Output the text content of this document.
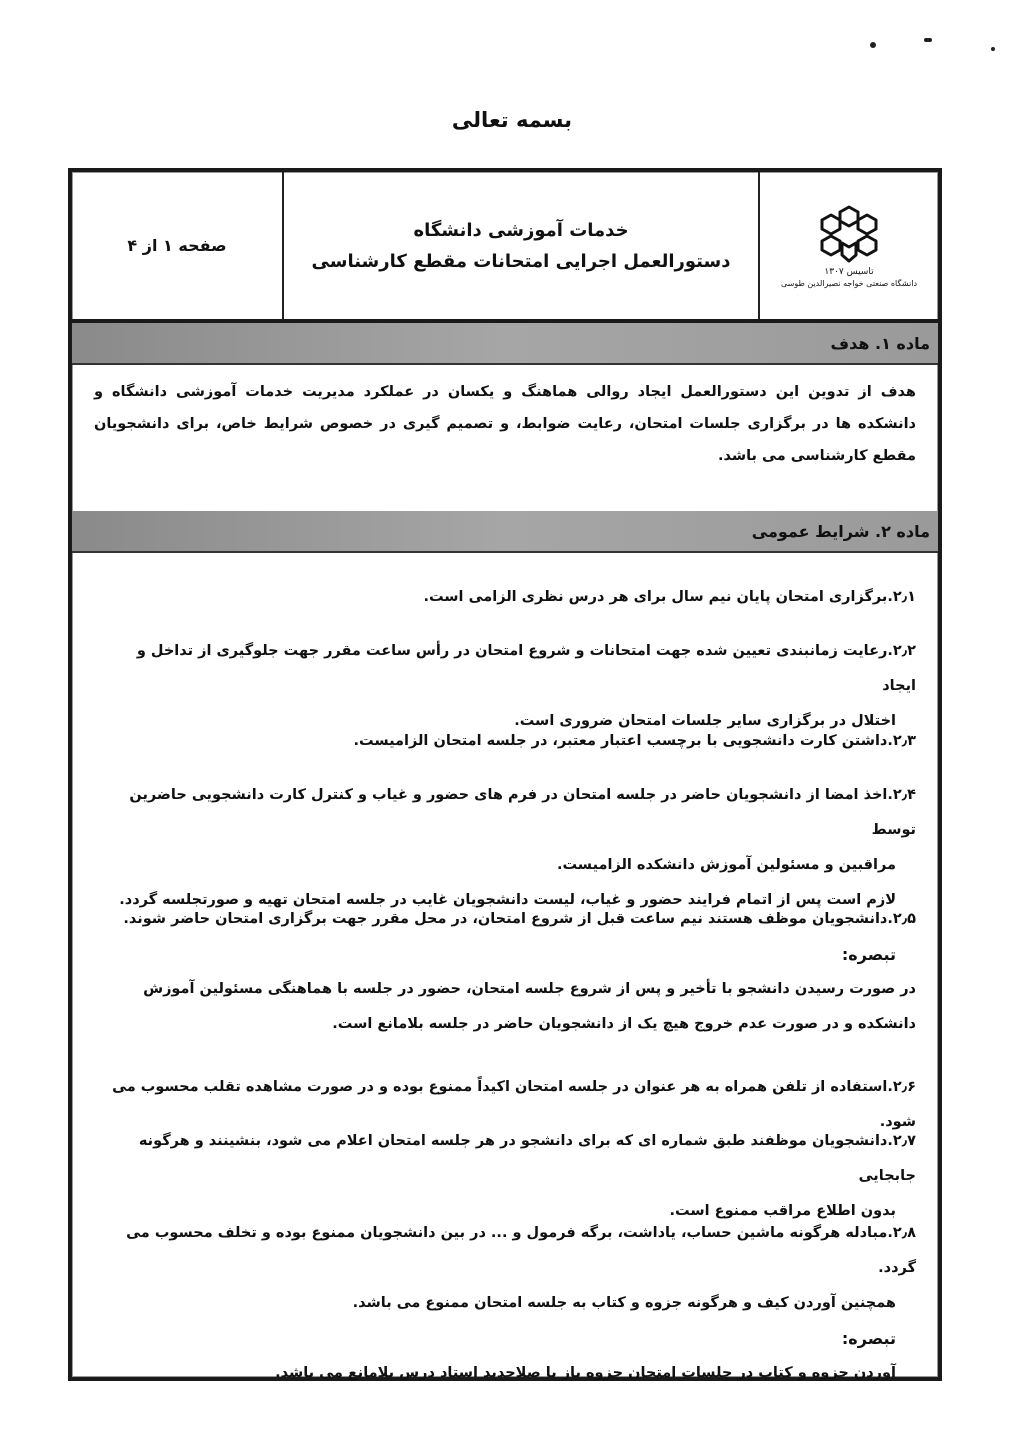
بسمه تعالی
تاسیس ۱۳۰۷
دانشگاه صنعتی خواجه نصیرالدین طوسی
خدمات آموزشی دانشگاه
دستورالعمل اجرایی امتحانات مقطع کارشناسی
صفحه ۱ از ۴
ماده ۱. هدف
هدف از تدوین این دستورالعمل ایجاد روالی هماهنگ و یکسان در عملکرد مدیریت خدمات آموزشی دانشگاه و دانشکده ها در برگزاری جلسات امتحان، رعایت ضوابط، و تصمیم گیری در خصوص شرایط خاص، برای دانشجویان مقطع کارشناسی می باشد.
ماده ۲. شرایط عمومی
۲٫۱.برگزاری امتحان پایان نیم سال برای هر درس نظری الزامی است.
۲٫۲.رعایت زمانبندی تعیین شده جهت امتحانات و شروع امتحان در رأس ساعت مقرر جهت جلوگیری از تداخل و ایجاد
اختلال در برگزاری سایر جلسات امتحان ضروری است.
۲٫۳.داشتن کارت دانشجویی با برچسب اعتبار معتبر، در جلسه امتحان الزامیست.
۲٫۴.اخذ امضا از دانشجویان حاضر در جلسه امتحان در فرم های حضور و غیاب و کنترل کارت دانشجویی حاضرین توسط
مراقبین و مسئولین آموزش دانشکده الزامیست.
لازم است پس از اتمام فرایند حضور و غیاب، لیست دانشجویان غایب در جلسه امتحان تهیه و صورتجلسه گردد.
۲٫۵.دانشجویان موظف هستند نیم ساعت قبل از شروع امتحان، در محل مقرر جهت برگزاری امتحان حاضر شوند.
تبصره:
در صورت رسیدن دانشجو با تأخیر و پس از شروع جلسه امتحان، حضور در جلسه با هماهنگی مسئولین آموزش
دانشکده و در صورت عدم خروج هیچ یک از دانشجویان حاضر در جلسه بلامانع است.
۲٫۶.استفاده از تلفن همراه به هر عنوان در جلسه امتحان اکیداً ممنوع بوده و در صورت مشاهده تقلب محسوب می شود.
۲٫۷.دانشجویان موظفند طبق شماره ای که برای دانشجو در هر جلسه امتحان اعلام می شود، بنشینند و هرگونه جابجایی
بدون اطلاع مراقب ممنوع است.
۲٫۸.مبادله هرگونه ماشین حساب، یاداشت، برگه فرمول و ... در بین دانشجویان ممنوع بوده و تخلف محسوب می گردد.
همچنین آوردن کیف و هرگونه جزوه و کتاب به جلسه امتحان ممنوع می باشد.
تبصره:
آوردن جزوه و کتاب در جلسات امتحان جزوه باز با صلاحدید استاد درس بلامانع می باشد.
